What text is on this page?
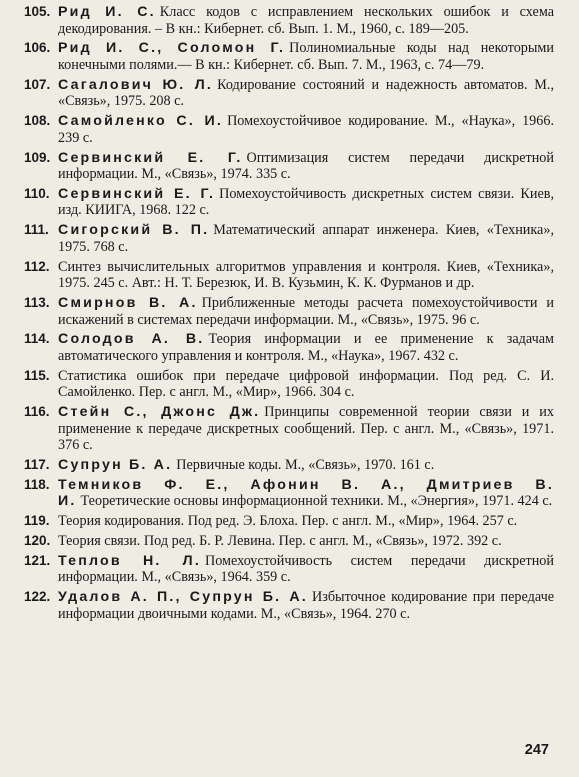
105. Рид И. С. Класс кодов с исправлением нескольких ошибок и схема декодирования. – В кн.: Кибернет. сб. Вып. 1. М., 1960, с. 189—205.
106. Рид И. С., Соломон Г. Полиномиальные коды над некоторыми конечными полями.— В кн.: Кибернет. сб. Вып. 7. М., 1963, с. 74—79.
107. Сагалович Ю. Л. Кодирование состояний и надежность автоматов. М., «Связь», 1975. 208 с.
108. Самойленко С. И. Помехоустойчивое кодирование. М., «Наука», 1966. 239 с.
109. Сервинский Е. Г. Оптимизация систем передачи дискретной информации. М., «Связь», 1974. 335 с.
110. Сервинский Е. Г. Помехоустойчивость дискретных систем связи. Киев, изд. КИИГА, 1968. 122 с.
111. Сигорский В. П. Математический аппарат инженера. Киев, «Техника», 1975. 768 с.
112. Синтез вычислительных алгоритмов управления и контроля. Киев, «Техника», 1975. 245 с. Авт.: Н. Т. Березюк, И. В. Кузьмин, К. К. Фурманов и др.
113. Смирнов В. А. Приближенные методы расчета помехоустойчивости и искажений в системах передачи информации. М., «Связь», 1975. 96 с.
114. Солодов А. В. Теория информации и ее применение к задачам автоматического управления и контроля. М., «Наука», 1967. 432 с.
115. Статистика ошибок при передаче цифровой информации. Под ред. С. И. Самойленко. Пер. с англ. М., «Мир», 1966. 304 с.
116. Стейн С., Джонс Дж. Принципы современной теории связи и их применение к передаче дискретных сообщений. Пер. с англ. М., «Связь», 1971. 376 с.
117. Супрун Б. А. Первичные коды. М., «Связь», 1970. 161 с.
118. Темников Ф. Е., Афонин В. А., Дмитриев В. И. Теоретические основы информационной техники. М., «Энергия», 1971. 424 с.
119. Теория кодирования. Под ред. Э. Блоха. Пер. с англ. М., «Мир», 1964. 257 с.
120. Теория связи. Под ред. Б. Р. Левина. Пер. с англ. М., «Связь», 1972. 392 с.
121. Теплов Н. Л. Помехоустойчивость систем передачи дискретной информации. М., «Связь», 1964. 359 с.
122. Удалов А. П., Супрун Б. А. Избыточное кодирование при передаче информации двоичными кодами. М., «Связь», 1964. 270 с.
247
